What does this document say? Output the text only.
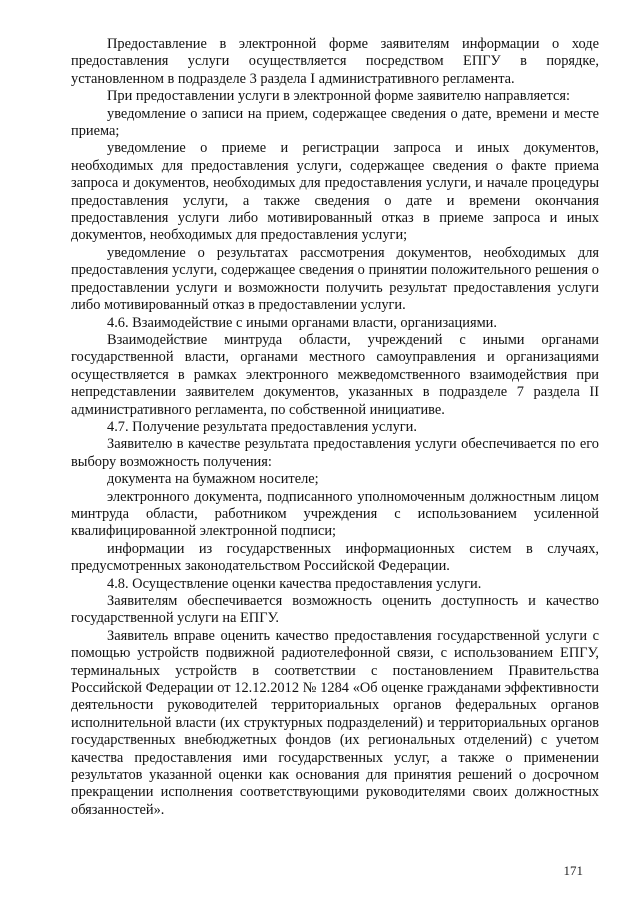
Предоставление в электронной форме заявителям информации о ходе предоставления услуги осуществляется посредством ЕПГУ в порядке, установленном в подразделе 3 раздела I административного регламента.

При предоставлении услуги в электронной форме заявителю направляется:

уведомление о записи на прием, содержащее сведения о дате, времени и месте приема;

уведомление о приеме и регистрации запроса и иных документов, необходимых для предоставления услуги, содержащее сведения о факте приема запроса и документов, необходимых для предоставления услуги, и начале процедуры предоставления услуги, а также сведения о дате и времени окончания предоставления услуги либо мотивированный отказ в приеме запроса и иных документов, необходимых для предоставления услуги;

уведомление о результатах рассмотрения документов, необходимых для предоставления услуги, содержащее сведения о принятии положительного решения о предоставлении услуги и возможности получить результат предоставления услуги либо мотивированный отказ в предоставлении услуги.

4.6. Взаимодействие с иными органами власти, организациями.

Взаимодействие минтруда области, учреждений с иными органами государственной власти, органами местного самоуправления и организациями осуществляется в рамках электронного межведомственного взаимодействия при непредставлении заявителем документов, указанных в подразделе 7 раздела II административного регламента, по собственной инициативе.

4.7. Получение результата предоставления услуги.

Заявителю в качестве результата предоставления услуги обеспечивается по его выбору возможность получения:

документа на бумажном носителе;

электронного документа, подписанного уполномоченным должностным лицом минтруда области, работником учреждения с использованием усиленной квалифицированной электронной подписи;

информации из государственных информационных систем в случаях, предусмотренных законодательством Российской Федерации.

4.8. Осуществление оценки качества предоставления услуги.

Заявителям обеспечивается возможность оценить доступность и качество государственной услуги на ЕПГУ.

Заявитель вправе оценить качество предоставления государственной услуги с помощью устройств подвижной радиотелефонной связи, с использованием ЕПГУ, терминальных устройств в соответствии с постановлением Правительства Российской Федерации от 12.12.2012 № 1284 «Об оценке гражданами эффективности деятельности руководителей территориальных органов федеральных органов исполнительной власти (их структурных подразделений) и территориальных органов государственных внебюджетных фондов (их региональных отделений) с учетом качества предоставления ими государственных услуг, а также о применении результатов указанной оценки как основания для принятия решений о досрочном прекращении исполнения соответствующими руководителями своих должностных обязанностей».

171
